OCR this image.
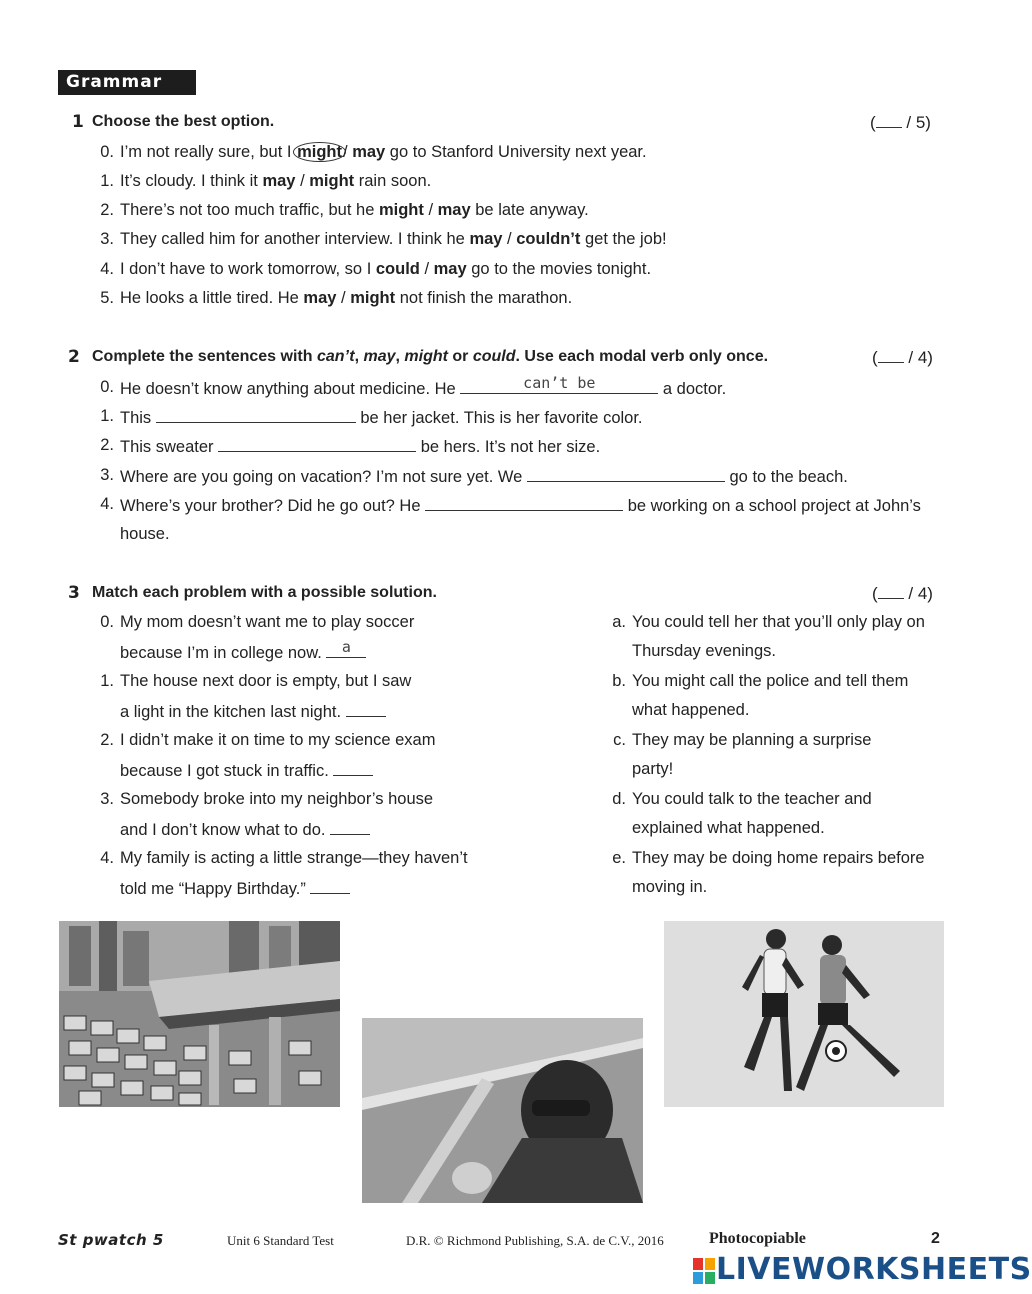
Grammar
1 Choose the best option.	( / 5)
0. I’m not really sure, but I might/ may go to Stanford University next year.
1. It’s cloudy. I think it may / might rain soon.
2. There’s not too much traffic, but he might / may be late anyway.
3. They called him for another interview. I think he may / couldn’t get the job!
4. I don’t have to work tomorrow, so I could / may go to the movies tonight.
5. He looks a little tired. He may / might not finish the marathon.
2 Complete the sentences with can’t, may, might or could. Use each modal verb only once.	( / 4)
0. He doesn’t know anything about medicine. He	can’t be	a doctor.
1. This	be her jacket. This is her favorite color.
2. This sweater	be hers. It’s not her size.
3. Where are you going on vacation? I’m not sure yet. We	go to the beach.
4. Where’s your brother? Did he go out? He	be working on a school project at John’s
house.
3 Match each problem with a possible solution.	( / 4)
0. My mom doesn’t want me to play soccer
because I’m in college now.	a
1. The house next door is empty, but I saw
a light in the kitchen last night.
2. I didn’t make it on time to my science exam
because I got stuck in traffic.
3. Somebody broke into my neighbor’s house
and I don’t know what to do.
4. My family is acting a little strange—they haven’t
told me “Happy Birthday.”
a. You could tell her that you’ll only play on
Thursday evenings.
b. You might call the police and tell them
what happened.
c. They may be planning a surprise
party!
d. You could talk to the teacher and
explained what happened.
e. They may be doing home repairs before
moving in.
St pwatch 5	Unit 6 Standard Test	D.R. © Richmond Publishing, S.A. de C.V., 2016	Photocopiable	2
LIVEWORKSHEETS
